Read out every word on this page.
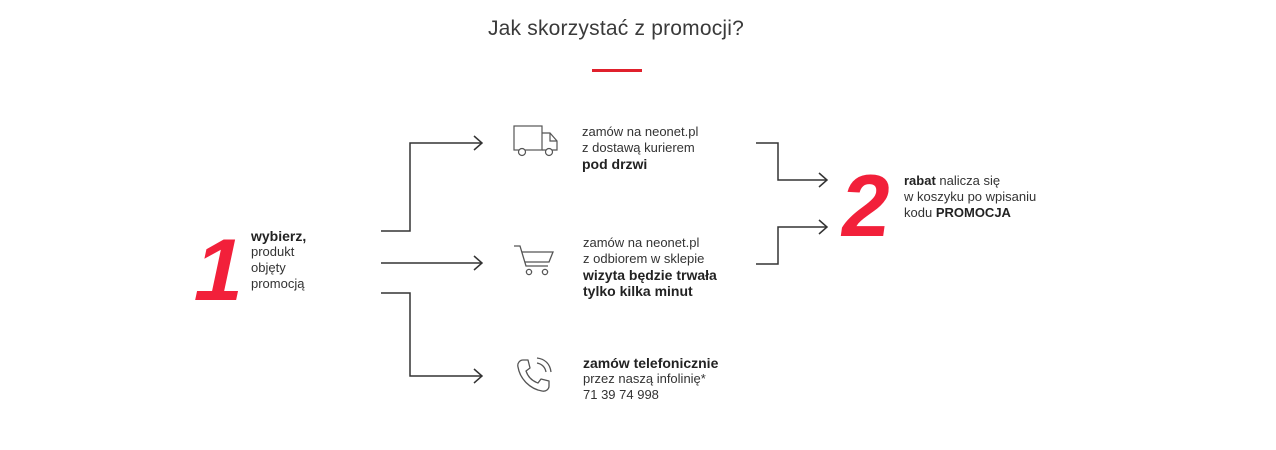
Jak skorzystać z promocji?
1 wybierz,
produkt
objęty
promocją
zamów na neonet.pl
z dostawą kurierem
pod drzwi
zamów na neonet.pl
z odbiorem w sklepie
wizyta będzie trwała
tylko kilka minut
zamów telefonicznie
przez naszą infolinię*
71 39 74 998
2 rabat nalicza się
w koszyku po wpisaniu
kodu PROMOCJA
